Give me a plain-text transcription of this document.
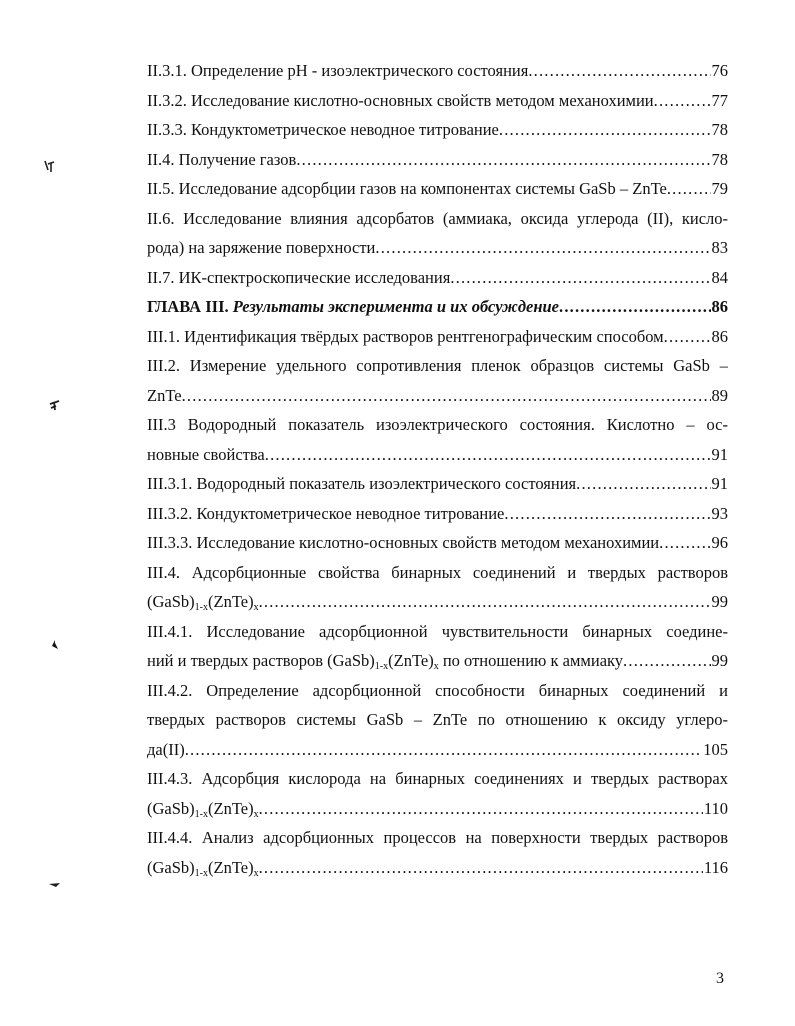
II.3.1. Определение pH - изоэлектрического состояния .....	76
II.3.2. Исследование кислотно-основных свойств методом механохимии .....	77
II.3.3. Кондуктометрическое неводное титрование .....	78
II.4. Получение газов .....	78
II.5. Исследование адсорбции газов на компонентах системы GaSb – ZnTe .....	79
II.6. Исследование влияния адсорбатов (аммиака, оксида углерода (II), кисло-
рода) на заряжение поверхности .....	83
II.7. ИК-спектроскопические исследования .....	84
ГЛАВА III. Результаты эксперимента и их обсуждение .....	86
III.1. Идентификация твёрдых растворов рентгенографическим способом .....	86
III.2. Измерение удельного сопротивления пленок образцов системы GaSb –
ZnTe .....	89
III.3 Водородный показатель изоэлектрического состояния. Кислотно – ос-
новные свойства .....	91
III.3.1. Водородный показатель изоэлектрического состояния .....	91
III.3.2. Кондуктометрическое неводное титрование .....	93
III.3.3. Исследование кислотно-основных свойств методом механохимии .....	96
III.4. Адсорбционные свойства бинарных соединений и твердых растворов
$(GaSb)_{1-x}(ZnTe)_x$ .....	99
III.4.1. Исследование адсорбционной чувствительности бинарных соедине-
ний и твердых растворов $(GaSb)_{1-x}(ZnTe)_x$ по отношению к аммиаку .....	99
III.4.2. Определение адсорбционной способности бинарных соединений и
твердых растворов системы GaSb – ZnTe по отношению к оксиду углеро-
да(II) .....	105
III.4.3. Адсорбция кислорода на бинарных соединениях и твердых растворах
$(GaSb)_{1-x}(ZnTe)_x$ .....	110
III.4.4. Анализ адсорбционных процессов на поверхности твердых растворов
$(GaSb)_{1-x}(ZnTe)_x$ .....	116
3
